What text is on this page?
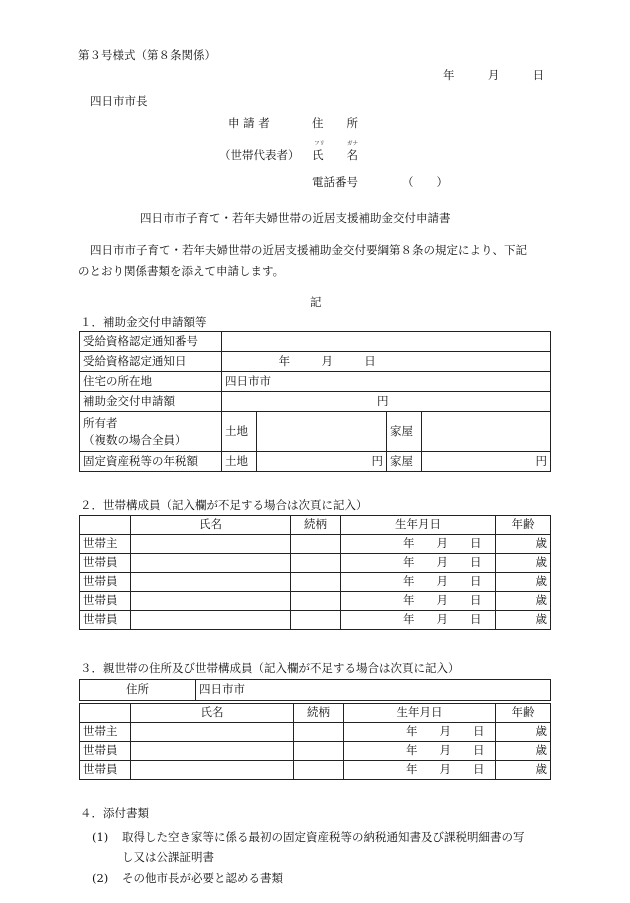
第３号様式（第８条関係）
年	月	日
四日市市長
申 請 者	住　　所
（世帯代表者）
フリ	ガナ
氏　　名
電話番号	（　　）
四日市市子育て・若年夫婦世帯の近居支援補助金交付申請書
四日市市子育て・若年夫婦世帯の近居支援補助金交付要綱第８条の規定により、下記
のとおり関係書類を添えて申請します。
記
１．補助金交付申請額等
受給資格認定通知番号				
受給資格認定通知日	年 月 日			
住宅の所在地	四日市市			
補助金交付申請額	円			

所有者
（複数の場合全員）	土地		家屋	
固定資産税等の年税額	土地	円	家屋	円
２．世帯構成員（記入欄が不足する場合は次頁に記入）
	氏名	続柄	生年月日	年齢
世帯主			年 月 日	歳
世帯員			年 月 日	歳
世帯員			年 月 日	歳
世帯員			年 月 日	歳
世帯員			年 月 日	歳
３．親世帯の住所及び世帯構成員（記入欄が不足する場合は次頁に記入）
住所	四日市市
	氏名	続柄	生年月日	年齢
世帯主			年 月 日	歳
世帯員			年 月 日	歳
世帯員			年 月 日	歳
４．添付書類
(1) 取得した空き家等に係る最初の固定資産税等の納税通知書及び課税明細書の写
し又は公課証明書
(2) その他市長が必要と認める書類
